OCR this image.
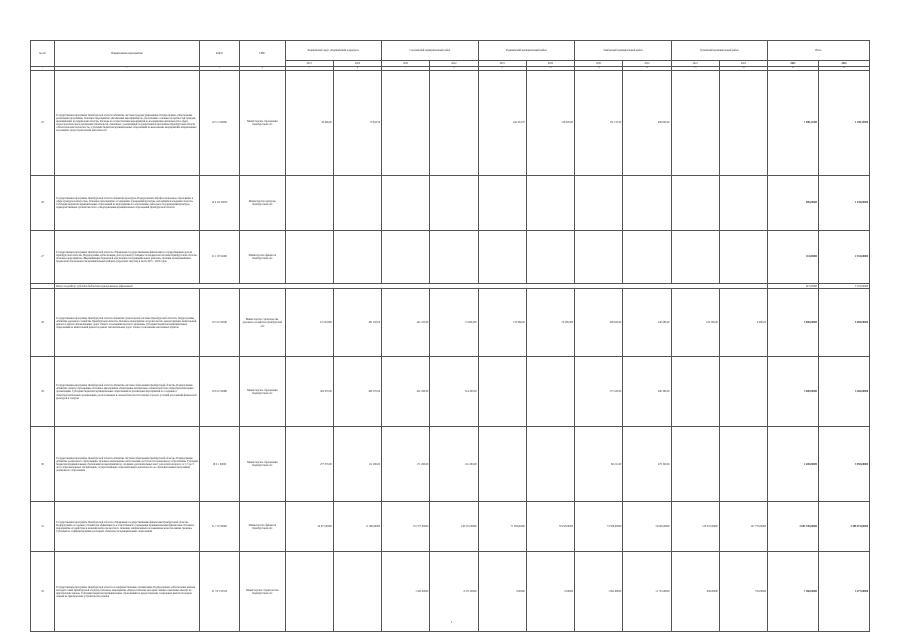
№ п/п	Наименование мероприятия	КЦСР	ГРБС	Радищевский округ «Радищевский подраздел»		Сорочинский муниципальный район		Радищевский муниципальный район		Тамбовский муниципальный район		Грачевский муниципальный район		Всего	
				2021	2022	2021	2022	2021	2022	2021	2022	2021	2022	2021	2022
1	2	3	4	5	6	7	8	9	10	11	12	13	14	15	16
25	Государственная программа Оренбургской области «Развитие системы градорегулирования» Подпрограмма «Обеспечение реализации программы» Основное мероприятие «Реализация мероприятий по обеспечению основных потребностей граждан, проживающих на территории области» Расходы на осуществление мероприятий по координации деятельности в сфере градостроительства и реализации обязательств, связанных с реализацией государственной программы Оренбургской области «Экологическая безопасность» Субсидии бюджетам муниципальных образований на выполнение мероприятий, направленных на развитие градостроительной деятельности	16 5 11 90000	Министерство образования Оренбургской обл	40 496,00	73 843,50			lom 30,270	156 905,60	131 155,00	289 840,00			1 098,31300	1 298,14900
26	Государственная программа Оренбургской области «Развитие культуры» Подпрограмма «Профессиональное образование в сфере культуры и искусства» Основное мероприятие «Содержание учреждений культуры, находящихся в ведении области» Субсидии бюджетам муниципальных образований на мероприятия по обеспечению деятельности учреждений культуры, подведомственных органам местного самоуправления муниципальных образований Оренбургской области	14 0 П1 S0050	Министерство культуры Оренбургской обл											609,00000	1 044,00000
27	Государственная программа Оренбургской области «Управление государственными финансами и государственным долгом Оренбургской области» Подпрограмма «Обеспечение долгосрочной устойчивости бюджетной системы Оренбургской области» Основное мероприятие «Выравнивание бюджетной обеспеченности муниципальных районов» Дотации на выравнивание бюджетной обеспеченности муниципальных районов (городских округов) в части 2021 - 2022 годов	21 1 03 S2000	Министерство финансов Оренбургской обл											214,00000	2 354,00000
	Итого по разделу: субсидии бюджетам муниципальных образований													817,00000	5 353,00000
28	Государственная программа Оренбургской области «Развитие транспортной системы Оренбургской области» Подпрограмма «Развитие дорожного хозяйства Оренбургской области» Основное мероприятие «Строительство, реконструкция, капитальный ремонт и ремонт автомобильных дорог общего пользования местного значения» Субсидии бюджетам муниципальных образований на капитальный ремонт и ремонт автомобильных дорог общего пользования населенных пунктов	19 3 01 S0040	Министерство строительства, дорожного хозяйства Оренбургской обл	9 135,0000	461 250,00	441 250,00	13 280,000	153 960,00	70 280,000	406 820,00	140 280,00	222 380,00	6 280,00	5 000,00000	5 000,00000
29	Государственная программа Оренбургской области «Развитие системы образования Оренбургской области» Подпрограмма «Развитие общего образования» Основное мероприятие «Укрепление материально-технической базы общеобразовательных организаций» Субсидии бюджетам муниципальных образований на реализацию мероприятий по созданию в общеобразовательных организациях, расположенных в сельской местности и малых городах, условий для занятий физической культурой и спортом	18 6 10 S0080	Министерство образования Оренбургской обл	400 670,00	480 370,00	401 290,00	314 280,00			175 520,00	290 380,00			3 000,00000	3 460,00000
30	Государственная программа Оренбургской области «Развитие системы образования Оренбургской области» Подпрограмма «Развитие дошкольного образования» Основное мероприятие «Обеспечение доступности дошкольного образования» Субсидии бюджетам муниципальных образований на мероприятия по созданию дополнительных мест для детей в возрасте от 1,5 до 3 лет в образовательных организациях, осуществляющих образовательную деятельность по образовательным программам дошкольного образования	18 6 1 S0000	Министерство образования Оренбургской обл	277 370,00	111 280,00	171 290,00	161 280,00			60 211,00	270 320,00			2 200,00000	3 950,00000
31	Государственная программа Оренбургской области «Управление государственными финансами Оренбургской области» Подпрограмма «Создание условий для эффективного и ответственного управления муниципальными финансами» Основное мероприятие «Содействие в решении вопросов местного значения, направленных на повышение качества жизни граждан» Субсидии на софинансирование расходных обязательств муниципальных образований	21 7 16 S0000	Министерство финансов Оренбургской обл	42 977,00000	11 000,00000	151 577,00000	138 272,00000	71 384,00000	79 258,00000	74 500,00000	74 926,00000	143 310,00000	147 770,00000	2 683 339,00000	2 489 072,00000
32	Государственная программа Оренбургской области «Совершенствование организации» Подпрограмма «Обеспечение жильем молодых семей Оренбургской области» Основное мероприятие «Предоставление молодым семьям социальных выплат на приобретение жилья» Субсидии бюджетам муниципальных образований на предоставление социальных выплат молодым семьям на приобретение (строительство) жилья	21 3 F1 S5550	Министерство строительства Оренбургской обл			1 265,00000	6 271,00000	9,00000	0,00000	1 991,00000	11 725,00000	609,00000	725,00000	7 268,00000	3 477,00000
1
